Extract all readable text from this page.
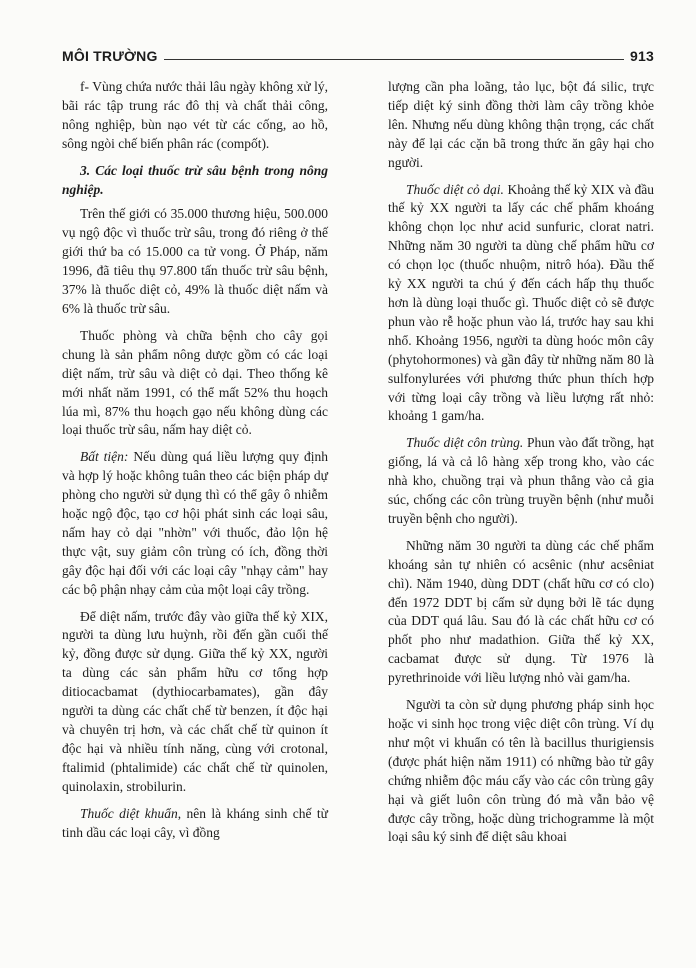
MÔI TRƯỜNG	913

f- Vùng chứa nước thải lâu ngày không xử lý, bãi rác tập trung rác đô thị và chất thải công, nông nghiệp, bùn nạo vét từ các cống, ao hồ, sông ngòi chế biến phân rác (compốt).

3. Các loại thuốc trừ sâu bệnh trong nông nghiệp.

Trên thế giới có 35.000 thương hiệu, 500.000 vụ ngộ độc vì thuốc trừ sâu, trong đó riêng ở thế giới thứ ba có 15.000 ca tử vong. Ở Pháp, năm 1996, đã tiêu thụ 97.800 tấn thuốc trừ sâu bệnh, 37% là thuốc diệt cỏ, 49% là thuốc diệt nấm và 6% là thuốc trừ sâu.

Thuốc phòng và chữa bệnh cho cây gọi chung là sản phẩm nông dược gồm có các loại diệt nấm, trừ sâu và diệt cỏ dại. Theo thống kê mới nhất năm 1991, có thể mất 52% thu hoạch lúa mì, 87% thu hoạch gạo nếu không dùng các loại thuốc trừ sâu, nấm hay diệt cỏ.

Bất tiện: Nếu dùng quá liều lượng quy định và hợp lý hoặc không tuân theo các biện pháp dự phòng cho người sử dụng thì có thể gây ô nhiễm hoặc ngộ độc, tạo cơ hội phát sinh các loại sâu, nấm hay cỏ dại "nhờn" với thuốc, đảo lộn hệ thực vật, suy giảm côn trùng có ích, đồng thời gây độc hại đối với các loại cây "nhạy cảm" hay các bộ phận nhạy cảm của một loại cây trồng.

Để diệt nấm, trước đây vào giữa thế kỷ XIX, người ta dùng lưu huỳnh, rồi đến gần cuối thế kỷ, đồng được sử dụng. Giữa thế kỷ XX, người ta dùng các sản phẩm hữu cơ tổng hợp ditiocacbamat (dythiocarbamates), gần đây người ta dùng các chất chế từ benzen, ít độc hại và chuyên trị hơn, và các chất chế từ quinon ít độc hại và nhiều tính năng, cùng với crotonal, ftalimid (phtalimide) các chất chế từ quinolen, quinolaxin, strobilurin.

Thuốc diệt khuẩn, nên là kháng sinh chế từ tinh dầu các loại cây, vì đồng

lượng cần pha loãng, tảo lục, bột đá silic, trực tiếp diệt ký sinh đồng thời làm cây trồng khỏe lên. Nhưng nếu dùng không thận trọng, các chất này để lại các cặn bã trong thức ăn gây hại cho người.

Thuốc diệt cỏ dại. Khoảng thế kỷ XIX và đầu thế kỷ XX người ta lấy các chế phẩm khoáng không chọn lọc như acid sunfuric, clorat natri. Những năm 30 người ta dùng chế phẩm hữu cơ có chọn lọc (thuốc nhuộm, nitrô hóa). Đầu thế kỷ XX người ta chú ý đến cách hấp thụ thuốc hơn là dùng loại thuốc gì. Thuốc diệt cỏ sẽ được phun vào rễ hoặc phun vào lá, trước hay sau khi nhổ. Khoảng 1956, người ta dùng hoóc môn cây (phytohormones) và gần đây từ những năm 80 là sulfonylurées với phương thức phun thích hợp với từng loại cây trồng và liều lượng rất nhỏ: khoảng 1 gam/ha.

Thuốc diệt côn trùng. Phun vào đất trồng, hạt giống, lá và cả lô hàng xếp trong kho, vào các nhà kho, chuồng trại và phun thẳng vào cả gia súc, chống các côn trùng truyền bệnh (như muỗi truyền bệnh cho người).

Những năm 30 người ta dùng các chế phẩm khoáng sản tự nhiên có acsênic (như acsêniat chì). Năm 1940, dùng DDT (chất hữu cơ có clo) đến 1972 DDT bị cấm sử dụng bởi lẽ tác dụng của DDT quá lâu. Sau đó là các chất hữu cơ có phốt pho như madathion. Giữa thế kỷ XX, cacbamat được sử dụng. Từ 1976 là pyrethrinoide với liều lượng nhỏ vài gam/ha.

Người ta còn sử dụng phương pháp sinh học hoặc vi sinh học trong việc diệt côn trùng. Ví dụ như một vi khuẩn có tên là bacillus thurigiensis (được phát hiện năm 1911) có những bào tử gây chứng nhiễm độc máu cấy vào các côn trùng gây hại và giết luôn côn trùng đó mà vẫn bảo vệ được cây trồng, hoặc dùng trichogramme là một loại sâu ký sinh để diệt sâu khoai
